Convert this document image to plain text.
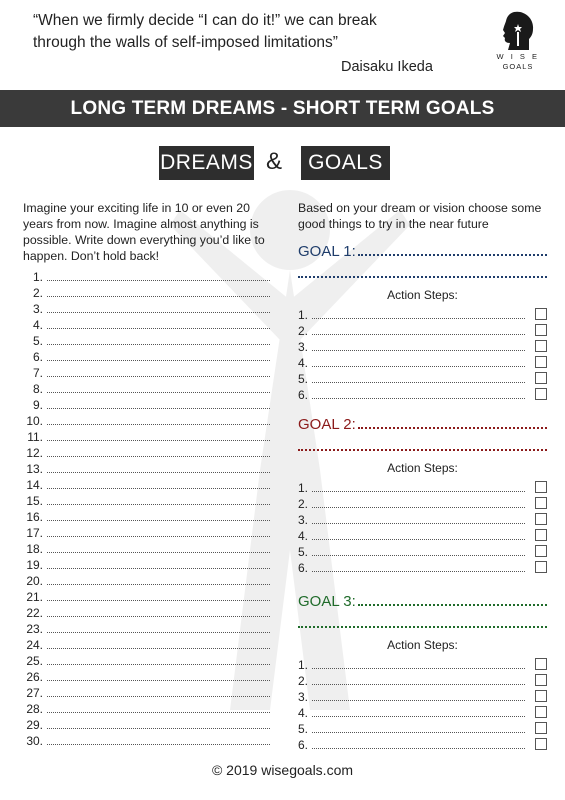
“When we firmly decide “I can do it!” we can break through the walls of self-imposed limitations”
Daisaku Ikeda
W I S E
GOALS
LONG TERM DREAMS - SHORT TERM GOALS
DREAMS &	GOALS
Imagine your exciting life in 10 or even 20 years from now. Imagine almost anything is possible. Write down everything you’d like to happen. Don’t hold back!
Based on your dream or vision choose some good things to try in the near future
1.
2.
3.
4.
5.
6.
7.
8.
9.
10.
11.
12.
13.
14.
15.
16.
17.
18.
19.
20.
21.
22.
23.
24.
25.
26.
27.
28.
29.
30.
GOAL 1:
Action Steps:
1.
2.
3.
4.
5.
6.
GOAL 2:
Action Steps:
1.
2.
3.
4.
5.
6.
GOAL 3:
Action Steps:
1.
2.
3.
4.
5.
6.
© 2019 wisegoals.com
